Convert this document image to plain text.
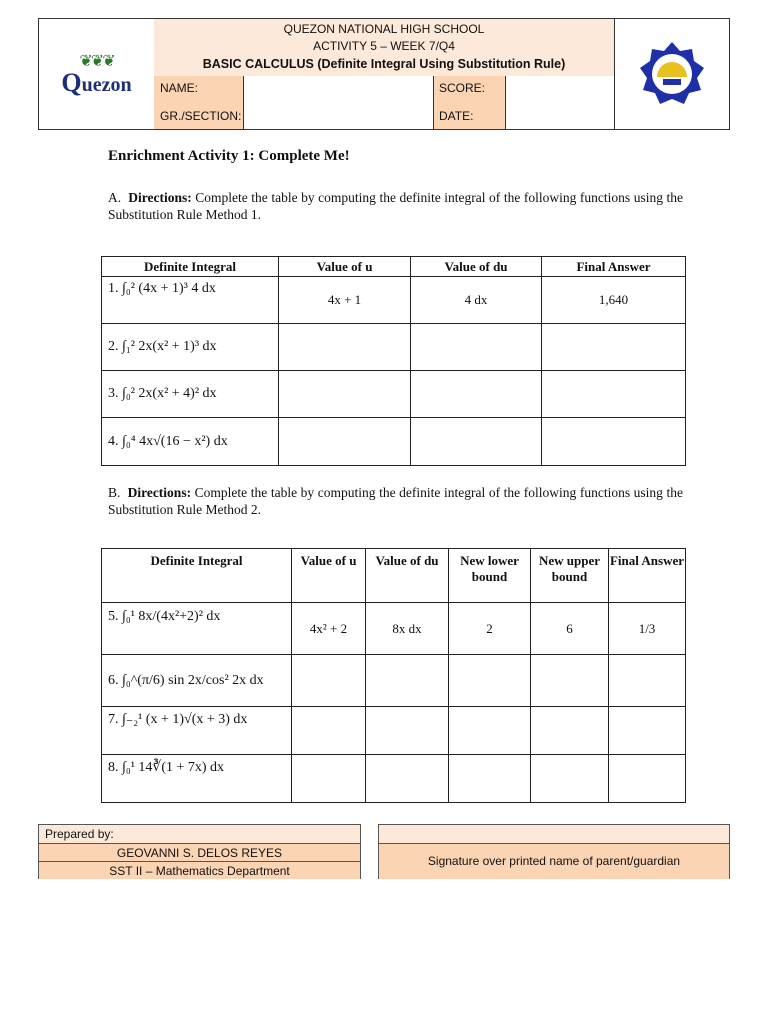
❦❦❦
Quezon
QUEZON NATIONAL HIGH SCHOOL
ACTIVITY 5 – WEEK 7/Q4
BASIC CALCULUS (Definite Integral Using Substitution Rule)
NAME:
GR./SECTION:
SCORE:
DATE:
Enrichment Activity 1: Complete Me!
A. Directions: Complete the table by computing the definite integral of the following functions using the Substitution Rule Method 1.
Definite Integral	Value of u	Value of du	Final Answer
1. ∫₀² (4x + 1)³ 4 dx	4x + 1	4 dx	1,640
2. ∫₁² 2x(x² + 1)³ dx			
3. ∫₀² 2x(x² + 4)² dx			
4. ∫₀⁴ 4x√(16 − x²) dx			
B. Directions: Complete the table by computing the definite integral of the following functions using the Substitution Rule Method 2.
Definite Integral	Value of u	Value of du	New lower bound	New upper bound	Final Answer
5. ∫₀¹ 8x/(4x²+2)² dx	4x² + 2	8x dx	2	6	1/3
6. ∫₀^(π/6) sin 2x/cos² 2x dx					
7. ∫₋₂¹ (x + 1)√(x + 3) dx					
8. ∫₀¹ 14∛(1 + 7x) dx					
Prepared by:
GEOVANNI S. DELOS REYES
SST II – Mathematics Department
Signature over printed name of parent/guardian
